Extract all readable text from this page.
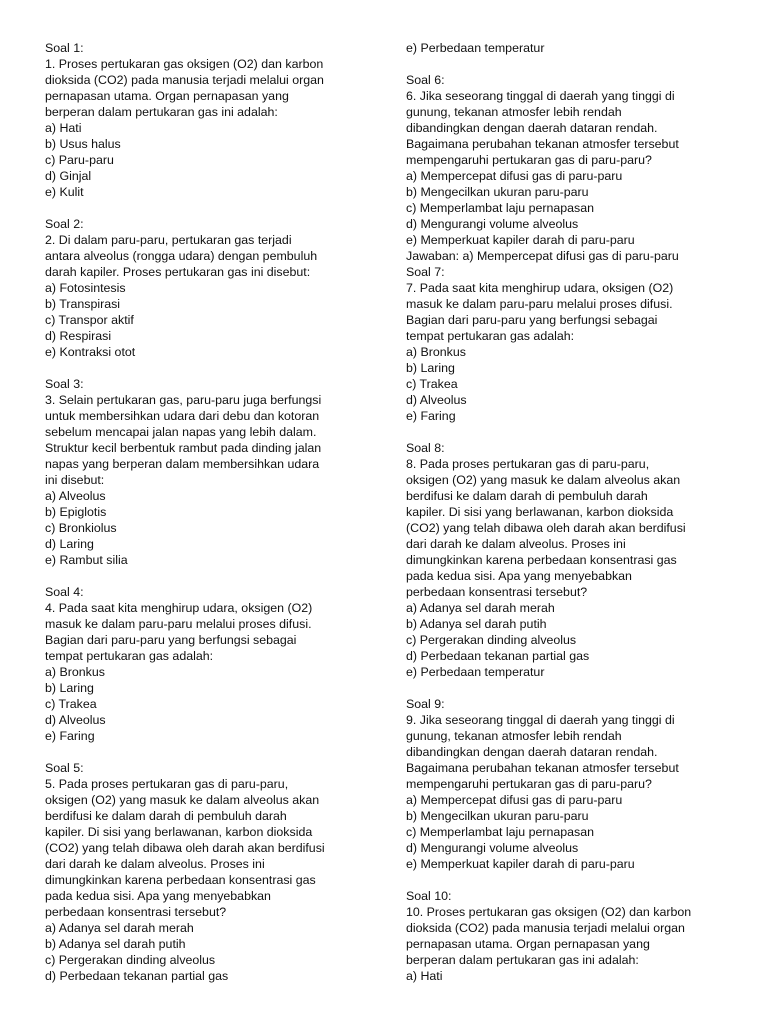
Soal 1:
1. Proses pertukaran gas oksigen (O2) dan karbon
dioksida (CO2) pada manusia terjadi melalui organ
pernapasan utama. Organ pernapasan yang
berperan dalam pertukaran gas ini adalah:
a) Hati
b) Usus halus
c) Paru-paru
d) Ginjal
e) Kulit
Soal 2:
2. Di dalam paru-paru, pertukaran gas terjadi
antara alveolus (rongga udara) dengan pembuluh
darah kapiler. Proses pertukaran gas ini disebut:
a) Fotosintesis
b) Transpirasi
c) Transpor aktif
d) Respirasi
e) Kontraksi otot
Soal 3:
3. Selain pertukaran gas, paru-paru juga berfungsi
untuk membersihkan udara dari debu dan kotoran
sebelum mencapai jalan napas yang lebih dalam.
Struktur kecil berbentuk rambut pada dinding jalan
napas yang berperan dalam membersihkan udara
ini disebut:
a) Alveolus
b) Epiglotis
c) Bronkiolus
d) Laring
e) Rambut silia
Soal 4:
4. Pada saat kita menghirup udara, oksigen (O2)
masuk ke dalam paru-paru melalui proses difusi.
Bagian dari paru-paru yang berfungsi sebagai
tempat pertukaran gas adalah:
a) Bronkus
b) Laring
c) Trakea
d) Alveolus
e) Faring
Soal 5:
5. Pada proses pertukaran gas di paru-paru,
oksigen (O2) yang masuk ke dalam alveolus akan
berdifusi ke dalam darah di pembuluh darah
kapiler. Di sisi yang berlawanan, karbon dioksida
(CO2) yang telah dibawa oleh darah akan berdifusi
dari darah ke dalam alveolus. Proses ini
dimungkinkan karena perbedaan konsentrasi gas
pada kedua sisi. Apa yang menyebabkan
perbedaan konsentrasi tersebut?
a) Adanya sel darah merah
b) Adanya sel darah putih
c) Pergerakan dinding alveolus
d) Perbedaan tekanan partial gas
e) Perbedaan temperatur
Soal 6:
6. Jika seseorang tinggal di daerah yang tinggi di
gunung, tekanan atmosfer lebih rendah
dibandingkan dengan daerah dataran rendah.
Bagaimana perubahan tekanan atmosfer tersebut
mempengaruhi pertukaran gas di paru-paru?
a) Mempercepat difusi gas di paru-paru
b) Mengecilkan ukuran paru-paru
c) Memperlambat laju pernapasan
d) Mengurangi volume alveolus
e) Memperkuat kapiler darah di paru-paru
Jawaban: a) Mempercepat difusi gas di paru-paru
Soal 7:
7. Pada saat kita menghirup udara, oksigen (O2)
masuk ke dalam paru-paru melalui proses difusi.
Bagian dari paru-paru yang berfungsi sebagai
tempat pertukaran gas adalah:
a) Bronkus
b) Laring
c) Trakea
d) Alveolus
e) Faring
Soal 8:
8. Pada proses pertukaran gas di paru-paru,
oksigen (O2) yang masuk ke dalam alveolus akan
berdifusi ke dalam darah di pembuluh darah
kapiler. Di sisi yang berlawanan, karbon dioksida
(CO2) yang telah dibawa oleh darah akan berdifusi
dari darah ke dalam alveolus. Proses ini
dimungkinkan karena perbedaan konsentrasi gas
pada kedua sisi. Apa yang menyebabkan
perbedaan konsentrasi tersebut?
a) Adanya sel darah merah
b) Adanya sel darah putih
c) Pergerakan dinding alveolus
d) Perbedaan tekanan partial gas
e) Perbedaan temperatur
Soal 9:
9. Jika seseorang tinggal di daerah yang tinggi di
gunung, tekanan atmosfer lebih rendah
dibandingkan dengan daerah dataran rendah.
Bagaimana perubahan tekanan atmosfer tersebut
mempengaruhi pertukaran gas di paru-paru?
a) Mempercepat difusi gas di paru-paru
b) Mengecilkan ukuran paru-paru
c) Memperlambat laju pernapasan
d) Mengurangi volume alveolus
e) Memperkuat kapiler darah di paru-paru
Soal 10:
10. Proses pertukaran gas oksigen (O2) dan karbon
dioksida (CO2) pada manusia terjadi melalui organ
pernapasan utama. Organ pernapasan yang
berperan dalam pertukaran gas ini adalah:
a) Hati
